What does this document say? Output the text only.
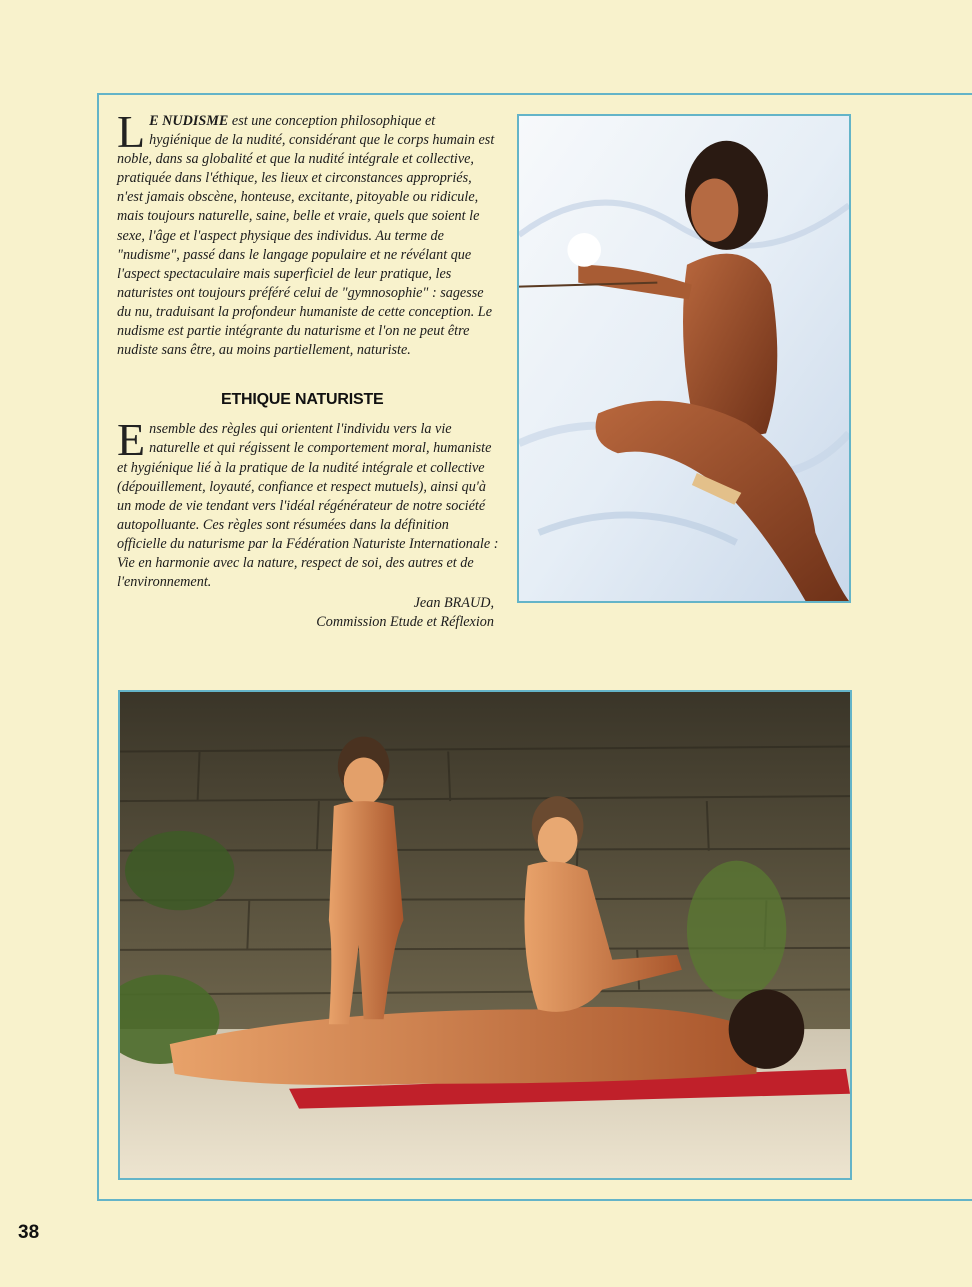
L E NUDISME est une conception philosophique et hygiénique de la nudité, considérant que le corps humain est noble, dans sa globalité et que la nudité intégrale et collective, pratiquée dans l'éthique, les lieux et circonstances appropriés, n'est jamais obscène, honteuse, excitante, pitoyable ou ridicule, mais toujours naturelle, saine, belle et vraie, quels que soient le sexe, l'âge et l'aspect physique des individus. Au terme de "nudisme", passé dans le langage populaire et ne révélant que l'aspect spectaculaire mais superficiel de leur pratique, les naturistes ont toujours préféré celui de "gymnosophie" : sagesse du nu, traduisant la profondeur humaniste de cette conception. Le nudisme est partie intégrante du naturisme et l'on ne peut être nudiste sans être, au moins partiellement, naturiste.

ETHIQUE NATURISTE

Ensemble des règles qui orientent l'individu vers la vie naturelle et qui régissent le comportement moral, humaniste et hygiénique lié à la pratique de la nudité intégrale et collective (dépouillement, loyauté, confiance et respect mutuels), ainsi qu'à un mode de vie tendant vers l'idéal régénérateur de notre société autopolluante. Ces règles sont résumées dans la définition officielle du naturisme par la Fédération Naturiste Internationale : Vie en harmonie avec la nature, respect de soi, des autres et de l'environnement.

Jean BRAUD,
Commission Etude et Réflexion
38
